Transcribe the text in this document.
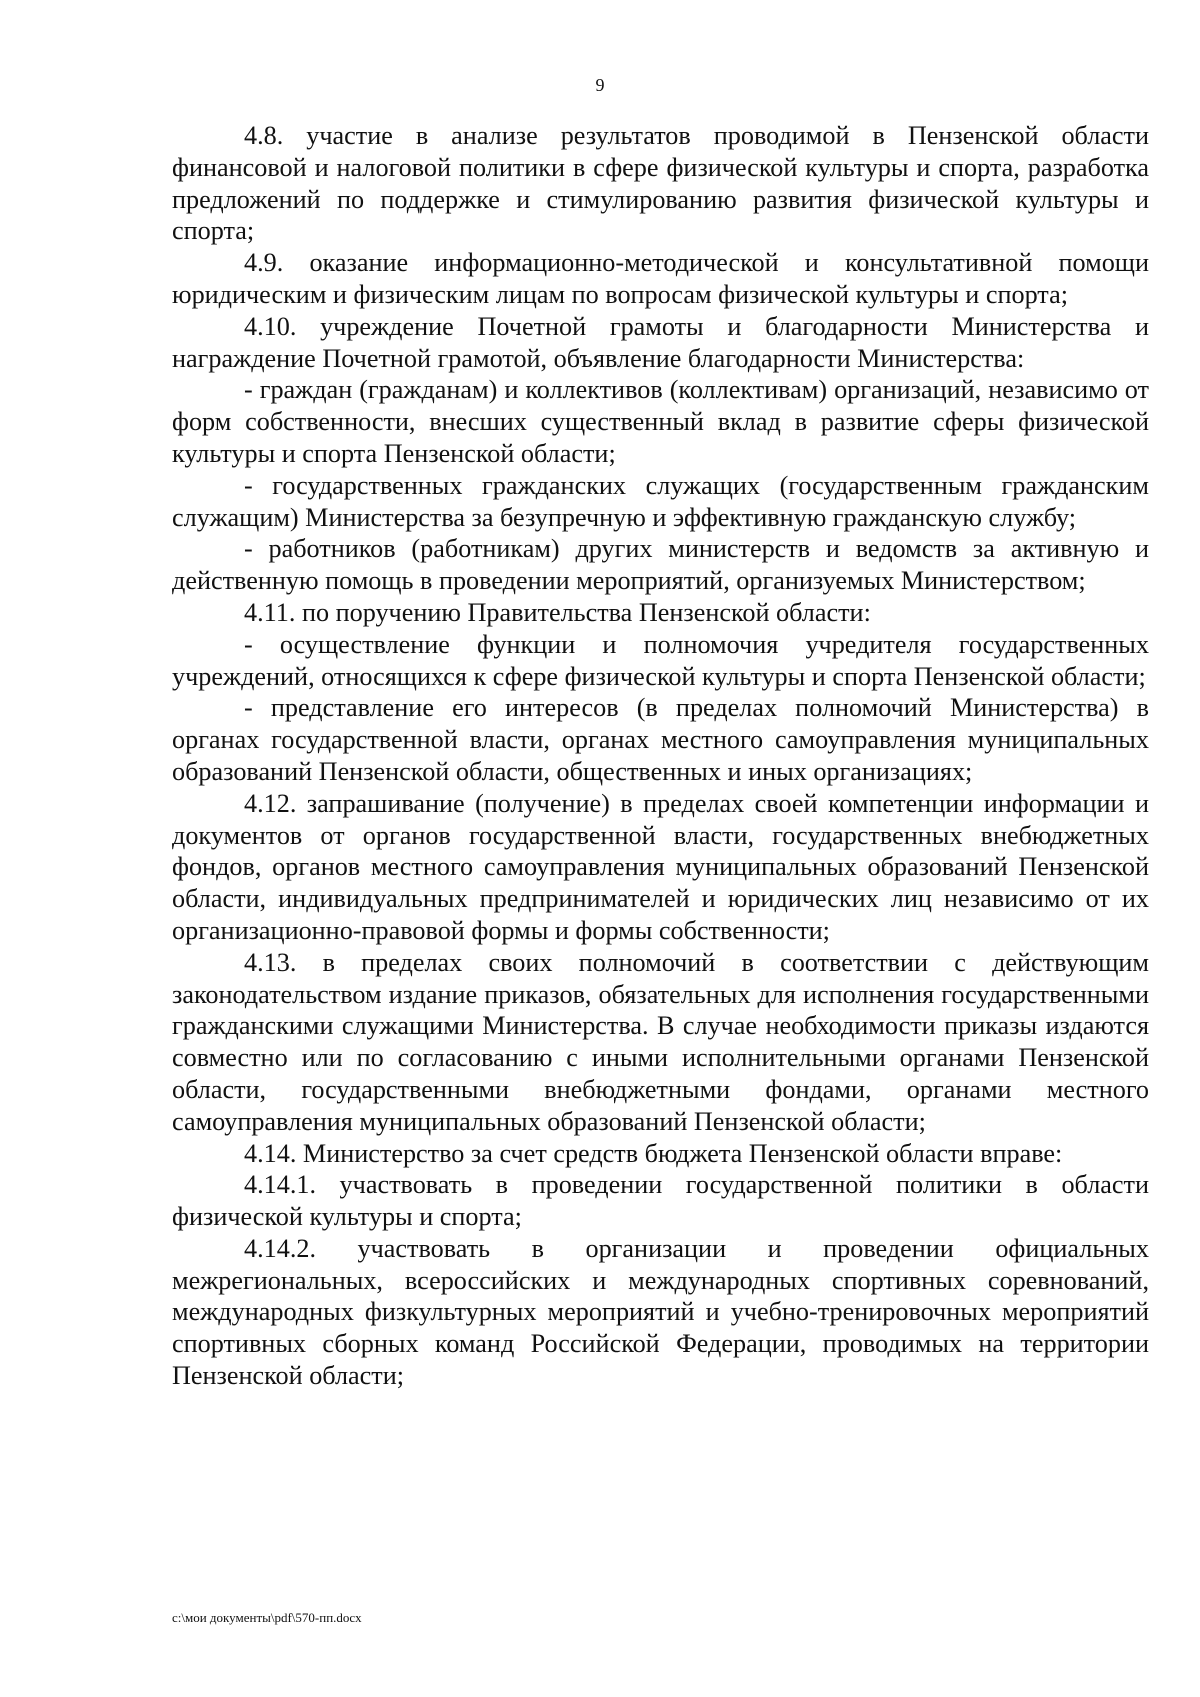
9

4.8. участие в анализе результатов проводимой в Пензенской области финансовой и налоговой политики в сфере физической культуры и спорта, разработка предложений по поддержке и стимулированию развития физической культуры и спорта;

4.9. оказание информационно-методической и консультативной помощи юридическим и физическим лицам по вопросам физической культуры и спорта;

4.10. учреждение Почетной грамоты и благодарности Министерства и награждение Почетной грамотой, объявление благодарности Министерства:

- граждан (гражданам) и коллективов (коллективам) организаций, независимо от форм собственности, внесших существенный вклад в развитие сферы физической культуры и спорта Пензенской области;

- государственных гражданских служащих (государственным гражданским служащим) Министерства за безупречную и эффективную гражданскую службу;

- работников (работникам) других министерств и ведомств за активную и действенную помощь в проведении мероприятий, организуемых Министерством;

4.11. по поручению Правительства Пензенской области:

- осуществление функции и полномочия учредителя государственных учреждений, относящихся к сфере физической культуры и спорта Пензенской области;

- представление его интересов (в пределах полномочий Министерства) в органах государственной власти, органах местного самоуправления муниципальных образований Пензенской области, общественных и иных организациях;

4.12. запрашивание (получение) в пределах своей компетенции информации и документов от органов государственной власти, государственных внебюджетных фондов, органов местного самоуправления муниципальных образований Пензенской области, индивидуальных предпринимателей и юридических лиц независимо от их организационно-правовой формы и формы собственности;

4.13. в пределах своих полномочий в соответствии с действующим законодательством издание приказов, обязательных для исполнения государственными гражданскими служащими Министерства. В случае необходимости приказы издаются совместно или по согласованию с иными исполнительными органами Пензенской области, государственными внебюджетными фондами, органами местного самоуправления муниципальных образований Пензенской области;

4.14. Министерство за счет средств бюджета Пензенской области вправе:

4.14.1. участвовать в проведении государственной политики в области физической культуры и спорта;

4.14.2. участвовать в организации и проведении официальных межрегиональных, всероссийских и международных спортивных соревнований, международных физкультурных мероприятий и учебно-тренировочных мероприятий спортивных сборных команд Российской Федерации, проводимых на территории Пензенской области;

c:\мои документы\pdf\570-пп.docx
